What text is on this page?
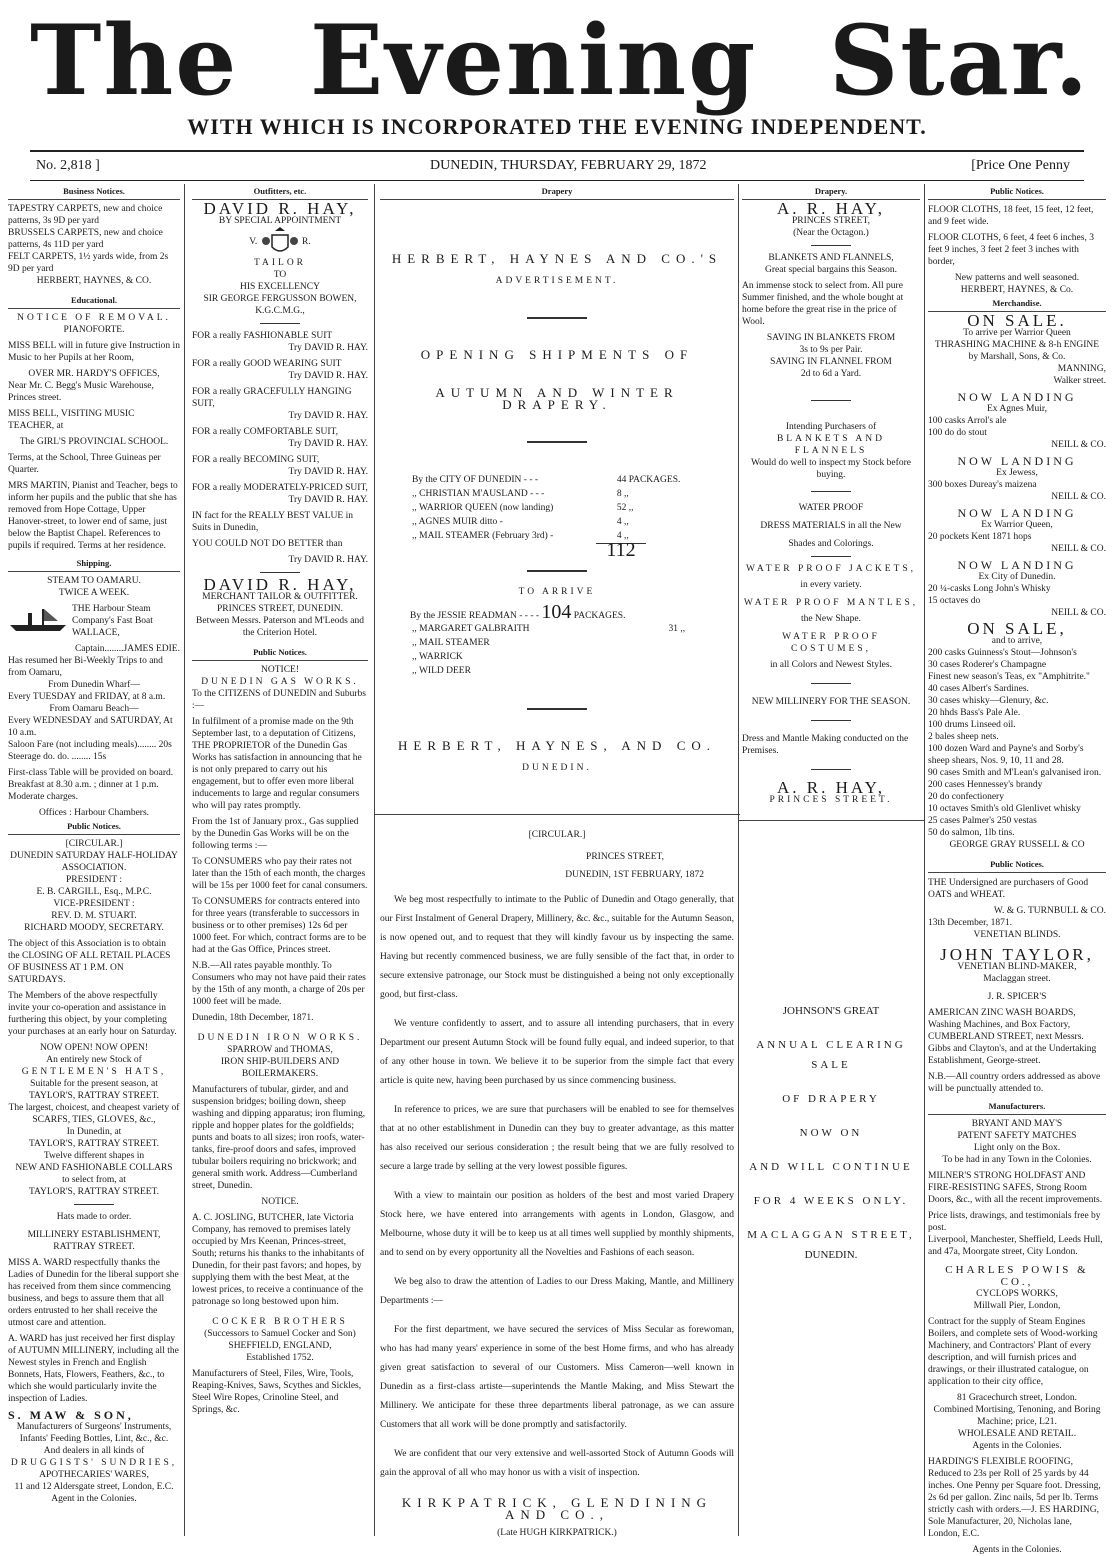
The Evening Star.
WITH WHICH IS INCORPORATED THE EVENING INDEPENDENT.
No. 2,818 ]	DUNEDIN, THURSDAY, FEBRUARY 29, 1872	[Price One Penny
Business Notices.
TAPESTRY CARPETS, new and choice patterns, 3s 9D per yard
BRUSSELS CARPETS, new and choice patterns, 4s 11D per yard
FELT CARPETS, 1½ yards wide, from 2s 9D per yard
HERBERT, HAYNES, & CO.
Educational.
NOTICE OF REMOVAL.
PIANOFORTE.
MISS BELL will in future give Instruction in Music to her Pupils at her Room,
OVER MR. HARDY'S OFFICES,
Near Mr. C. Begg's Music Warehouse, Princes street.
MISS BELL, VISITING MUSIC TEACHER, at
The GIRL'S PROVINCIAL SCHOOL.
Terms, at the School, Three Guineas per Quarter.
MRS MARTIN, Pianist and Teacher, begs to inform her pupils and the public that she has removed from Hope Cottage, Upper Hanover-street, to lower end of same, just below the Baptist Chapel. References to pupils if required. Terms at her residence.
Shipping.
STEAM TO OAMARU.
TWICE A WEEK.
THE Harbour Steam Company's Fast Boat WALLACE,
Captain........JAMES EDIE.
Has resumed her Bi-Weekly Trips to and from Oamaru,
From Dunedin Wharf—
Every TUESDAY and FRIDAY, at 8 a.m.
From Oamaru Beach—
Every WEDNESDAY and SATURDAY, At 10 a.m.
Saloon Fare (not including meals)........ 20s
Steerage do. do. ........ 15s
First-class Table will be provided on board. Breakfast at 8.30 a.m. ; dinner at 1 p.m. Moderate charges.
Offices : Harbour Chambers.
Public Notices.
[CIRCULAR.]
DUNEDIN SATURDAY HALF-HOLIDAY ASSOCIATION.
PRESIDENT :
E. B. CARGILL, Esq., M.P.C.
VICE-PRESIDENT :
REV. D. M. STUART.
RICHARD MOODY, SECRETARY.
The object of this Association is to obtain the CLOSING OF ALL RETAIL PLACES OF BUSINESS AT 1 P.M. ON SATURDAYS.
The Members of the above respectfully invite your co-operation and assistance in furthering this object, by your completing your purchases at an early hour on Saturday.
NOW OPEN! NOW OPEN!
An entirely new Stock of
GENTLEMEN'S HATS,
Suitable for the present season, at
TAYLOR'S, RATTRAY STREET.
The largest, choicest, and cheapest variety of
SCARFS, TIES, GLOVES, &c.,
In Dunedin, at
TAYLOR'S, RATTRAY STREET.
Twelve different shapes in
NEW AND FASHIONABLE COLLARS
to select from, at
TAYLOR'S, RATTRAY STREET.
Hats made to order.
MILLINERY ESTABLISHMENT,
RATTRAY STREET.
MISS A. WARD respectfully thanks the Ladies of Dunedin for the liberal support she has received from them since commencing business, and begs to assure them that all orders entrusted to her shall receive the utmost care and attention.
A. WARD has just received her first display of AUTUMN MILLINERY, including all the Newest styles in French and English Bonnets, Hats, Flowers, Feathers, &c., to which she would particularly invite the inspection of Ladies.
S. MAW & SON,
Manufacturers of Surgeons' Instruments, Infants' Feeding Bottles, Lint, &c., &c.
And dealers in all kinds of
DRUGGISTS' SUNDRIES,
APOTHECARIES' WARES,
11 and 12 Aldersgate street, London, E.C.
Agent in the Colonies.
Outfitters, etc.
DAVID R. HAY,
BY SPECIAL APPOINTMENT
V.	R.
TAILOR
TO
HIS EXCELLENCY
SIR GEORGE FERGUSSON BOWEN, K.G.C.M.G.,
FOR a really FASHIONABLE SUIT
Try DAVID R. HAY.
FOR a really GOOD WEARING SUIT
Try DAVID R. HAY.
FOR a really GRACEFULLY HANGING SUIT,
Try DAVID R. HAY.
FOR a really COMFORTABLE SUIT,
Try DAVID R. HAY.
FOR a really BECOMING SUIT,
Try DAVID R. HAY.
FOR a really MODERATELY-PRICED SUIT,
Try DAVID R. HAY.
IN fact for the REALLY BEST VALUE in Suits in Dunedin,
YOU COULD NOT DO BETTER than
Try DAVID R. HAY.
DAVID R. HAY,
MERCHANT TAILOR & OUTFITTER.
PRINCES STREET, DUNEDIN.
Between Messrs. Paterson and M'Leods and the Criterion Hotel.
Public Notices.
NOTICE!
DUNEDIN GAS WORKS.
To the CITIZENS of DUNEDIN and Suburbs :—
In fulfilment of a promise made on the 9th September last, to a deputation of Citizens, THE PROPRIETOR of the Dunedin Gas Works has satisfaction in announcing that he is not only prepared to carry out his engagement, but to offer even more liberal inducements to large and regular consumers who will pay rates promptly.
From the 1st of January prox., Gas supplied by the Dunedin Gas Works will be on the following terms :—
To CONSUMERS who pay their rates not later than the 15th of each month, the charges will be 15s per 1000 feet for canal consumers.
To CONSUMERS for contracts entered into for three years (transferable to successors in business or to other premises) 12s 6d per 1000 feet. For which, contract forms are to be had at the Gas Office, Princes street.
N.B.—All rates payable monthly. To Consumers who may not have paid their rates by the 15th of any month, a charge of 20s per 1000 feet will be made.
Dunedin, 18th December, 1871.
DUNEDIN IRON WORKS.
SPARROW and THOMAS,
IRON SHIP-BUILDERS AND BOILERMAKERS.
Manufacturers of tubular, girder, and and suspension bridges; boiling down, sheep washing and dipping apparatus; iron fluming, ripple and hopper plates for the goldfields; punts and boats to all sizes; iron roofs, water-tanks, fire-proof doors and safes, improved tubular boilers requiring no brickwork; and general smith work. Address—Cumberland street, Dunedin.
NOTICE.
A. C. JOSLING, BUTCHER, late Victoria Company, has removed to premises lately occupied by Mrs Keenan, Princes-street, South; returns his thanks to the inhabitants of Dunedin, for their past favors; and hopes, by supplying them with the best Meat, at the lowest prices, to receive a continuance of the patronage so long bestowed upon him.
COCKER BROTHERS
(Successors to Samuel Cocker and Son)
SHEFFIELD, ENGLAND,
Established 1752.
Manufacturers of Steel, Files, Wire, Tools, Reaping-Knives, Saws, Scythes and Sickles, Steel Wire Ropes, Crinoline Steel, and Springs, &c.
Drapery
HERBERT, HAYNES AND CO.'S
ADVERTISEMENT.
OPENING SHIPMENTS OF
AUTUMN AND WINTER DRAPERY.
By the CITY OF DUNEDIN - - -	44 PACKAGES.
,, CHRISTIAN M'AUSLAND - - -	8 ,,
,, WARRIOR QUEEN (now landing)	52 ,,
,, AGNES MUIR ditto -	4 ,,
,, MAIL STEAMER (February 3rd) -	4 ,,
112
TO ARRIVE
By the JESSIE READMAN - - - - 104 PACKAGES.
,, MARGARET GALBRAITH	31 ,,
,, MAIL STEAMER	
,, WARRICK	
,, WILD DEER	
HERBERT, HAYNES, AND CO.
DUNEDIN.
[CIRCULAR.]
PRINCES STREET,
DUNEDIN, 1ST FEBRUARY, 1872

We beg most respectfully to intimate to the Public of Dunedin and Otago generally, that our First Instalment of General Drapery, Millinery, &c. &c., suitable for the Autumn Season, is now opened out, and to request that they will kindly favour us by inspecting the same. Having but recently commenced business, we are fully sensible of the fact that, in order to secure extensive patronage, our Stock must be distinguished a being not only exceptionally good, but first-class.

We venture confidently to assert, and to assure all intending purchasers, that in every Department our present Autumn Stock will be found fully equal, and indeed superior, to that of any other house in town. We believe it to be superior from the simple fact that every article is quite new, having been purchased by us since commencing business.

In reference to prices, we are sure that purchasers will be enabled to see for themselves that at no other establishment in Dunedin can they buy to greater advantage, as this matter has also received our serious consideration ; the result being that we are fully resolved to secure a large trade by selling at the very lowest possible figures.

With a view to maintain our position as holders of the best and most varied Drapery Stock here, we have entered into arrangements with agents in London, Glasgow, and Melbourne, whose duty it will be to keep us at all times well supplied by monthly shipments, and to send on by every opportunity all the Novelties and Fashions of each season.

We beg also to draw the attention of Ladies to our Dress Making, Mantle, and Millinery Departments :—

For the first department, we have secured the services of Miss Secular as forewoman, who has had many years' experience in some of the best Home firms, and who has already given great satisfaction to several of our Customers. Miss Cameron—well known in Dunedin as a first-class artiste—superintends the Mantle Making, and Miss Stewart the Millinery. We anticipate for these three departments liberal patronage, as we can assure Customers that all work will be done promptly and satisfactorily.

We are confident that our very extensive and well-assorted Stock of Autumn Goods will gain the approval of all who may honor us with a visit of inspection.

KIRKPATRICK, GLENDINING AND CO.,
(Late HUGH KIRKPATRICK.)
Drapery.
A. R. HAY,
PRINCES STREET,
(Near the Octagon.)
BLANKETS AND FLANNELS,
Great special bargains this Season.
An immense stock to select from. All pure Summer finished, and the whole bought at home before the great rise in the price of Wool.
SAVING IN BLANKETS FROM
3s to 9s per Pair.
SAVING IN FLANNEL FROM
2d to 6d a Yard.
Intending Purchasers of
BLANKETS AND FLANNELS
Would do well to inspect my Stock before buying.
WATER PROOF
DRESS MATERIALS in all the New
Shades and Colorings.
WATER PROOF JACKETS,
in every variety.
WATER PROOF MANTLES,
the New Shape.
WATER PROOF COSTUMES,
in all Colors and Newest Styles.
NEW MILLINERY FOR THE SEASON.
Dress and Mantle Making conducted on the Premises.
A. R. HAY,
PRINCES STREET.
JOHNSON'S GREAT
ANNUAL CLEARING SALE
OF DRAPERY
NOW ON
AND WILL CONTINUE
FOR 4 WEEKS ONLY.
MACLAGGAN STREET,
DUNEDIN.
Public Notices.
FLOOR CLOTHS, 18 feet, 15 feet, 12 feet, and 9 feet wide.
FLOOR CLOTHS, 6 feet, 4 feet 6 inches, 3 feet 9 inches, 3 feet 2 feet 3 inches with border,
New patterns and well seasoned.
HERBERT, HAYNES, & Co.
Merchandise.
ON SALE.
To arrive per Warrior Queen
THRASHING MACHINE & 8-h ENGINE
by Marshall, Sons, & Co.
MANNING,
Walker street.
NOW LANDING
Ex Agnes Muir,
100 casks Arrol's ale
100 do do stout
NEILL & CO.
NOW LANDING
Ex Jewess,
300 boxes Dureay's maizena
NEILL & CO.
NOW LANDING
Ex Warrior Queen,
20 pockets Kent 1871 hops
NEILL & CO.
NOW LANDING
Ex City of Dunedin.
20 ¼-casks Long John's Whisky
15 octaves do
NEILL & CO.
ON SALE,
and to arrive,
200 casks Guinness's Stout—Johnson's
30 cases Roderer's Champagne
Finest new season's Teas, ex "Amphitrite."
40 cases Albert's Sardines.
30 cases whisky—Glenury, &c.
20 hhds Bass's Pale Ale.
100 drums Linseed oil.
2 bales sheep nets.
100 dozen Ward and Payne's and Sorby's sheep shears, Nos. 9, 10, 11 and 28.
90 cases Smith and M'Lean's galvanised iron.
200 cases Hennessey's brandy
20 do confectionery
10 octaves Smith's old Glenlivet whisky
25 cases Palmer's 250 vestas
50 do salmon, 1lb tins.
GEORGE GRAY RUSSELL & CO
Public Notices.
THE Undersigned are purchasers of Good OATS and WHEAT.
W. & G. TURNBULL & CO.
13th December, 1871.
VENETIAN BLINDS.
JOHN TAYLOR,
VENETIAN BLIND-MAKER,
Maclaggan street.
J. R. SPICER'S
AMERICAN ZINC WASH BOARDS, Washing Machines, and Box Factory, CUMBERLAND STREET, next Messrs. Gibbs and Clayton's, and at the Undertaking Establishment, George-street.
N.B.—All country orders addressed as above will be punctually attended to.
Manufacturers.
BRYANT AND MAY'S
PATENT SAFETY MATCHES
Light only on the Box.
To be had in any Town in the Colonies.
MILNER'S STRONG HOLDFAST AND FIRE-RESISTING SAFES, Strong Room Doors, &c., with all the recent improvements.
Price lists, drawings, and testimonials free by post.
Liverpool, Manchester, Sheffield, Leeds Hull, and 47a, Moorgate street, City London.
CHARLES POWIS & CO.,
CYCLOPS WORKS,
Millwall Pier, London,
Contract for the supply of Steam Engines Boilers, and complete sets of Wood-working Machinery, and Contractors' Plant of every description, and will furnish prices and drawings, or their illustrated catalogue, on application to their city office,
81 Gracechurch street, London.
Combined Mortising, Tenoning, and Boring Machine; price, L21.
WHOLESALE AND RETAIL.
Agents in the Colonies.
HARDING'S FLEXIBLE ROOFING, Reduced to 23s per Roll of 25 yards by 44 inches. One Penny per Square foot. Dressing, 2s 6d per gallon. Zinc nails, 5d per lb. Terms strictly cash with orders.—J. ES HARDING, Sole Manufacturer, 20, Nicholas lane, London, E.C.
Agents in the Colonies.
